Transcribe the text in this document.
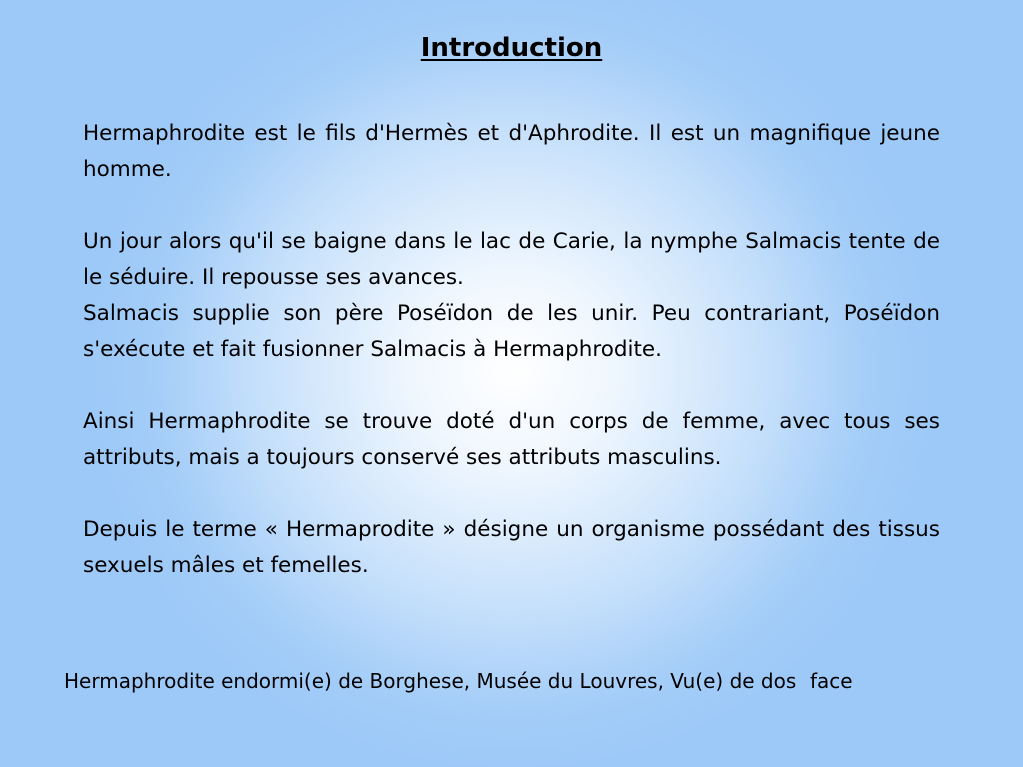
Introduction

Hermaphrodite est le fils d'Hermès et d'Aphrodite. Il est un magnifique jeune homme.

Un jour alors qu'il se baigne dans le lac de Carie, la nymphe Salmacis tente de le séduire. Il repousse ses avances.

Salmacis supplie son père Poséïdon de les unir. Peu contrariant, Poséïdon s'exécute et fait fusionner Salmacis à Hermaphrodite.

Ainsi Hermaphrodite se trouve doté d'un corps de femme, avec tous ses attributs, mais a toujours conservé ses attributs masculins.

Depuis le terme « Hermaprodite » désigne un organisme possédant des tissus sexuels mâles et femelles.

Hermaphrodite endormi(e) de Borghese, Musée du Louvres, Vu(e) de dos face
